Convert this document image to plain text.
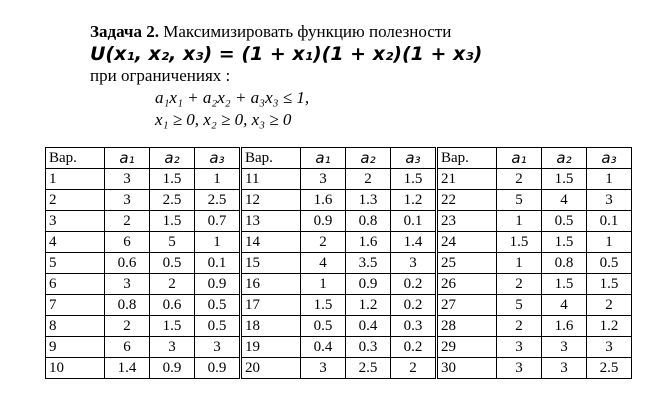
Задача 2. Максимизировать функцию полезности
U(x₁, x₂, x₃) = (1 + x₁)(1 + x₂)(1 + x₃)
при ограничениях :
a₁x₁ + a₂x₂ + a₃x₃ ≤ 1,
x₁ ≥ 0, x₂ ≥ 0, x₃ ≥ 0
Вар.	a₁	a₂	a₃	Вар.	a₁	a₂	a₃	Вар.	a₁	a₂	a₃
1	3	1.5	1	11	3	2	1.5	21	2	1.5	1
2	3	2.5	2.5	12	1.6	1.3	1.2	22	5	4	3
3	2	1.5	0.7	13	0.9	0.8	0.1	23	1	0.5	0.1
4	6	5	1	14	2	1.6	1.4	24	1.5	1.5	1
5	0.6	0.5	0.1	15	4	3.5	3	25	1	0.8	0.5
6	3	2	0.9	16	1	0.9	0.2	26	2	1.5	1.5
7	0.8	0.6	0.5	17	1.5	1.2	0.2	27	5	4	2
8	2	1.5	0.5	18	0.5	0.4	0.3	28	2	1.6	1.2
9	6	3	3	19	0.4	0.3	0.2	29	3	3	3
10	1.4	0.9	0.9	20	3	2.5	2	30	3	3	2.5
